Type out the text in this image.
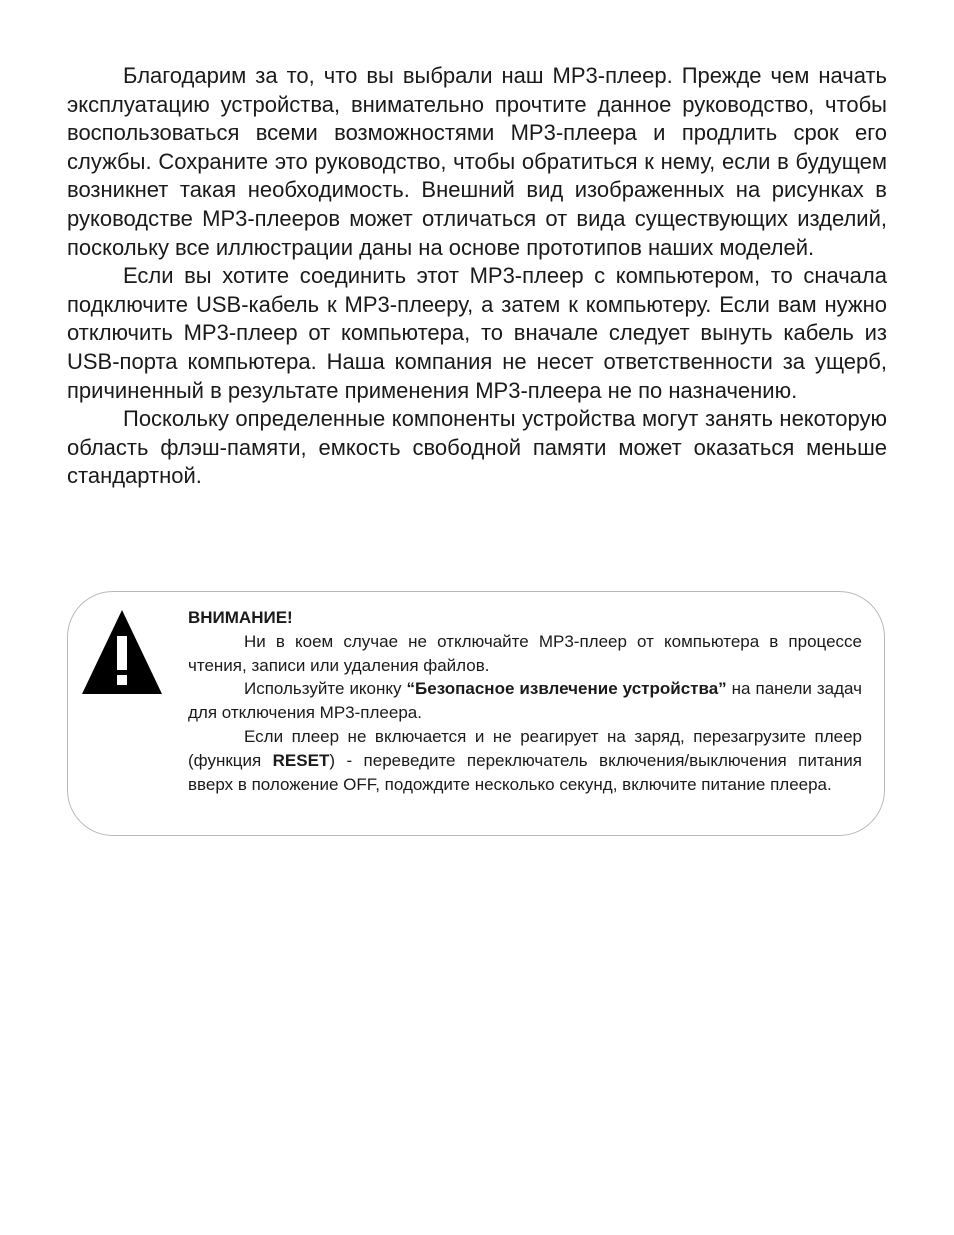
Благодарим за то, что вы выбрали наш МР3-плеер. Прежде чем начать эксплуатацию устройства, внимательно прочтите данное руководство, чтобы воспользоваться всеми возможностями МР3-плеера и продлить срок его службы. Сохраните это руководство, чтобы обратиться к нему, если в будущем возникнет такая необходимость. Внешний вид изображенных на рисунках в руководстве МР3-плееров может отличаться от вида существующих изделий, поскольку все иллюстрации даны на основе прототипов наших моделей.

Если вы хотите соединить этот МР3-плеер с компьютером, то сначала подключите USB-кабель к МР3-плееру, а затем к компьютеру. Если вам нужно отключить МР3-плеер от компьютера, то вначале следует вынуть кабель из USB-порта компьютера. Наша компания не несет ответственности за ущерб, причиненный в результате применения МР3-плеера не по назначению.

Поскольку определенные компоненты устройства могут занять некоторую область флэш-памяти, емкость свободной памяти может оказаться меньше стандартной.

ВНИМАНИЕ!

Ни в коем случае не отключайте МР3-плеер от компьютера в процессе чтения, записи или удаления файлов.

Используйте иконку “Безопасное извлечение устройства” на панели задач для отключения МР3-плеера.

Если плеер не включается и не реагирует на заряд, перезагрузите плеер (функция RESET) - переведите переключатель включения/выключения питания вверх в положение OFF, подождите несколько секунд, включите питание плеера.
